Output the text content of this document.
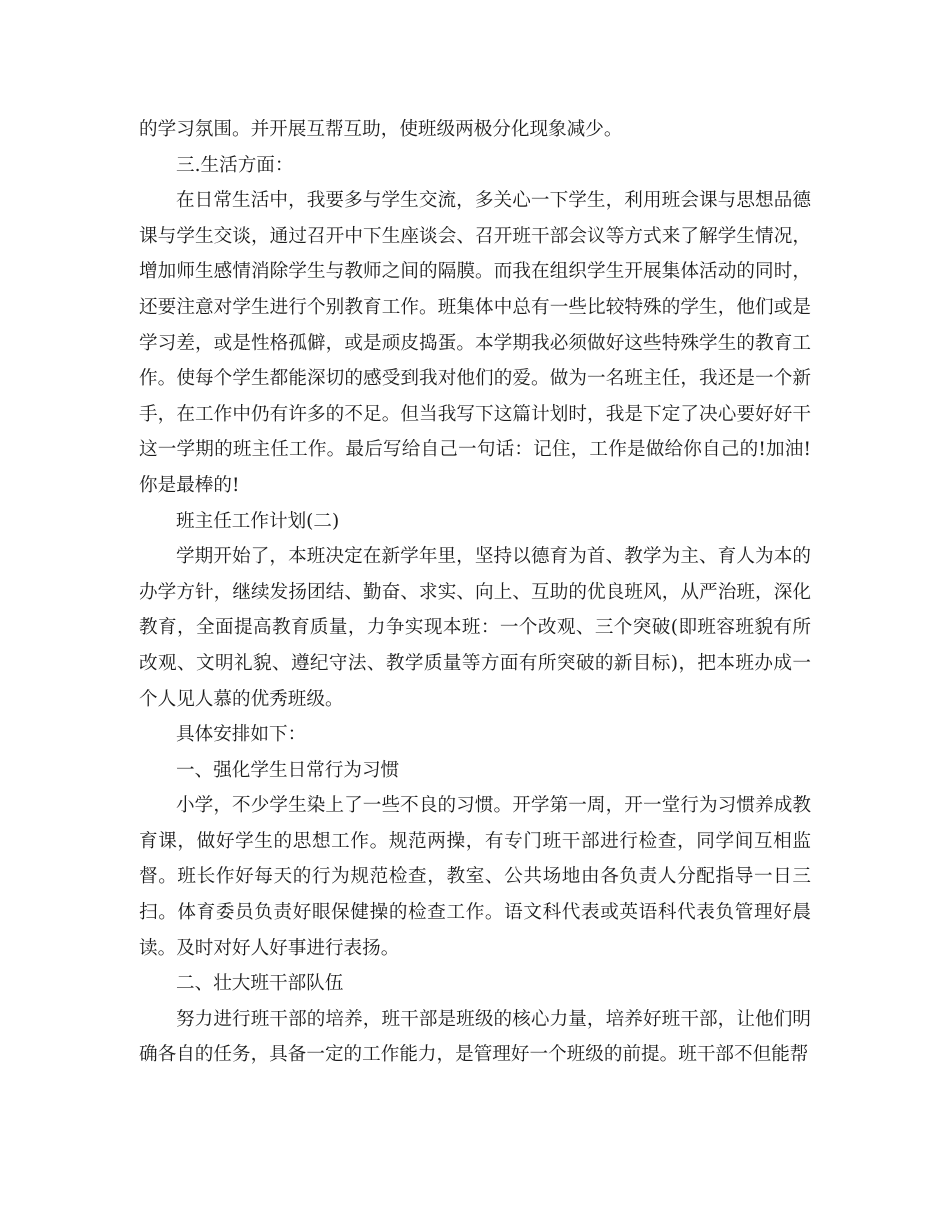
的学习氛围。并开展互帮互助，使班级两极分化现象减少。

三.生活方面：

在日常生活中，我要多与学生交流，多关心一下学生，利用班会课与思想品德课与学生交谈，通过召开中下生座谈会、召开班干部会议等方式来了解学生情况，增加师生感情消除学生与教师之间的隔膜。而我在组织学生开展集体活动的同时，还要注意对学生进行个别教育工作。班集体中总有一些比较特殊的学生，他们或是学习差，或是性格孤僻，或是顽皮捣蛋。本学期我必须做好这些特殊学生的教育工作。使每个学生都能深切的感受到我对他们的爱。做为一名班主任，我还是一个新手，在工作中仍有许多的不足。但当我写下这篇计划时，我是下定了决心要好好干这一学期的班主任工作。最后写给自己一句话：记住，工作是做给你自己的!加油!你是最棒的!

班主任工作计划(二)

学期开始了，本班决定在新学年里，坚持以德育为首、教学为主、育人为本的办学方针，继续发扬团结、勤奋、求实、向上、互助的优良班风，从严治班，深化教育，全面提高教育质量，力争实现本班：一个改观、三个突破(即班容班貌有所改观、文明礼貌、遵纪守法、教学质量等方面有所突破的新目标)，把本班办成一个人见人慕的优秀班级。

具体安排如下：

一、强化学生日常行为习惯

小学，不少学生染上了一些不良的习惯。开学第一周，开一堂行为习惯养成教育课，做好学生的思想工作。规范两操，有专门班干部进行检查，同学间互相监督。班长作好每天的行为规范检查，教室、公共场地由各负责人分配指导一日三扫。体育委员负责好眼保健操的检查工作。语文科代表或英语科代表负管理好晨读。及时对好人好事进行表扬。

二、壮大班干部队伍

努力进行班干部的培养，班干部是班级的核心力量，培养好班干部，让他们明确各自的任务，具备一定的工作能力，是管理好一个班级的前提。班干部不但能帮
